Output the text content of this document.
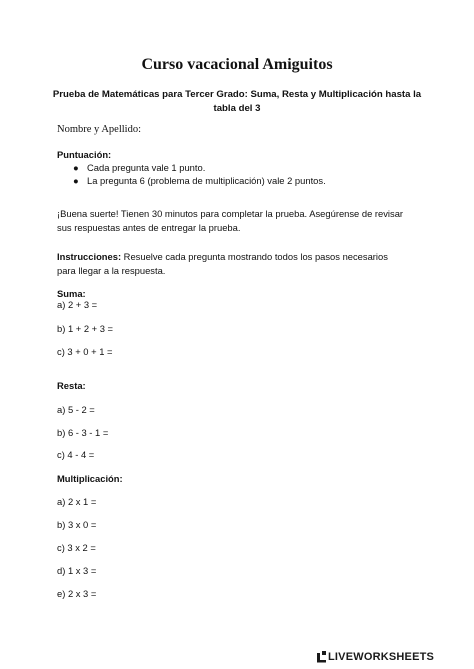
Curso vacacional Amiguitos
Prueba de Matemáticas para Tercer Grado: Suma, Resta y Multiplicación hasta la tabla del 3
Nombre y Apellido:
Puntuación:
● Cada pregunta vale 1 punto.
● La pregunta 6 (problema de multiplicación) vale 2 puntos.
¡Buena suerte! Tienen 30 minutos para completar la prueba. Asegúrense de revisar sus respuestas antes de entregar la prueba.
Instrucciones: Resuelve cada pregunta mostrando todos los pasos necesarios para llegar a la respuesta.
Suma:
a) 2 + 3 =
b) 1 + 2 + 3 =
c) 3 + 0 + 1 =
Resta:
a) 5 - 2 =
b) 6 - 3 - 1 =
c) 4 - 4 =
Multiplicación:
a) 2 x 1 =
b) 3 x 0 =
c) 3 x 2 =
d) 1 x 3 =
e) 2 x 3 =
LIVEWORKSHEETS
